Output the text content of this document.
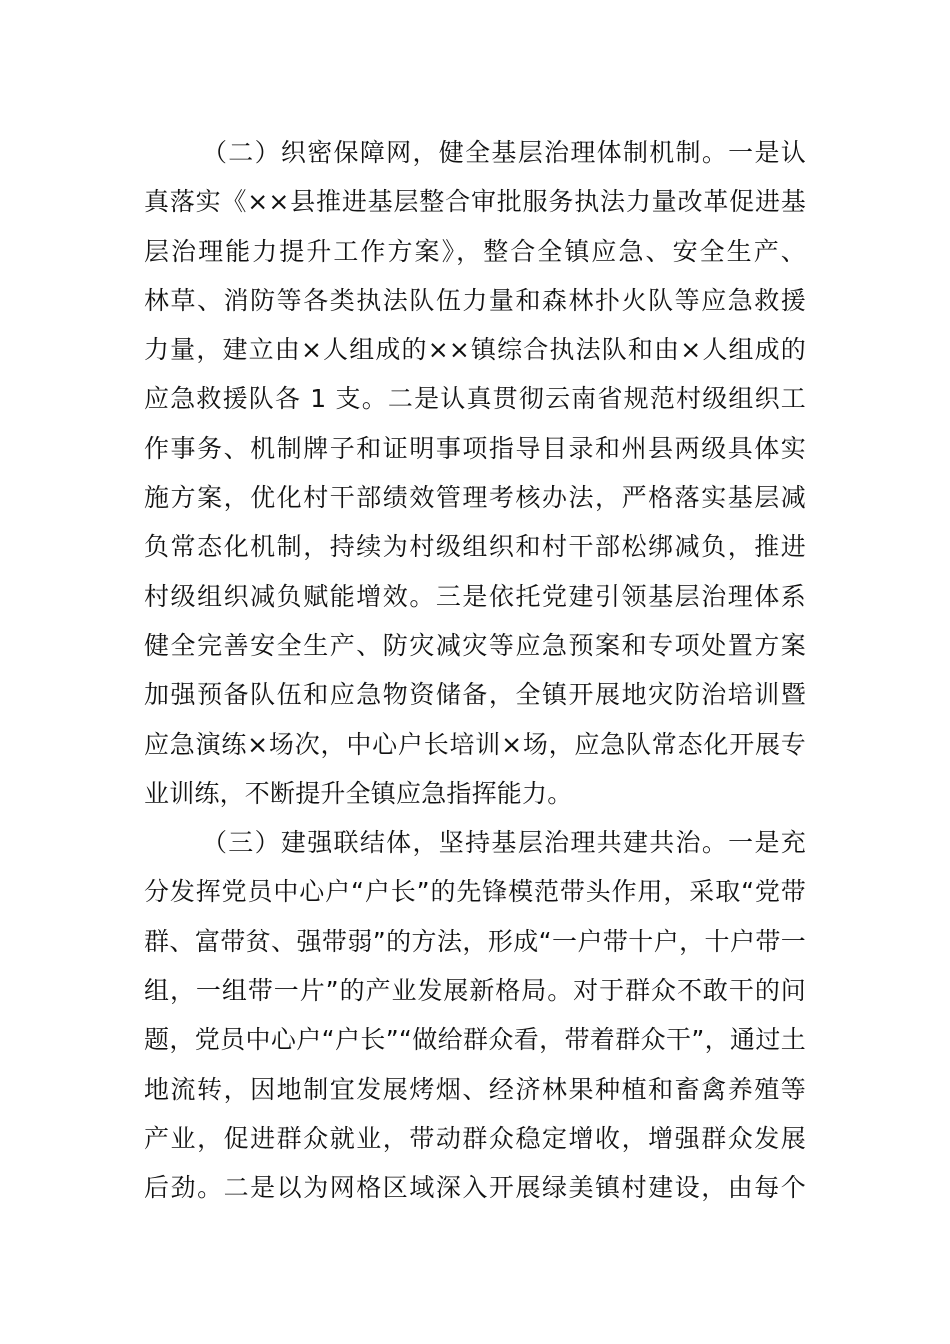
（二）织密保障网，健全基层治理体制机制。一是认
真落实《××县推进基层整合审批服务执法力量改革促进基
层治理能力提升工作方案》，整合全镇应急、安全生产、
林草、消防等各类执法队伍力量和森林扑火队等应急救援
力量，建立由×人组成的××镇综合执法队和由×人组成的
应急救援队各 1 支。二是认真贯彻云南省规范村级组织工
作事务、机制牌子和证明事项指导目录和州县两级具体实
施方案，优化村干部绩效管理考核办法，严格落实基层减
负常态化机制，持续为村级组织和村干部松绑减负，推进
村级组织减负赋能增效。三是依托党建引领基层治理体系
健全完善安全生产、防灾减灾等应急预案和专项处置方案
加强预备队伍和应急物资储备，全镇开展地灾防治培训暨
应急演练×场次，中心户长培训×场，应急队常态化开展专
业训练，不断提升全镇应急指挥能力。
（三）建强联结体，坚持基层治理共建共治。一是充
分发挥党员中心户“户长”的先锋模范带头作用，采取“党带
群、富带贫、强带弱”的方法，形成“一户带十户，十户带一
组，一组带一片”的产业发展新格局。对于群众不敢干的问
题，党员中心户“户长”“做给群众看，带着群众干”，通过土
地流转，因地制宜发展烤烟、经济林果种植和畜禽养殖等
产业，促进群众就业，带动群众稳定增收，增强群众发展
后劲。二是以为网格区域深入开展绿美镇村建设，由每个
